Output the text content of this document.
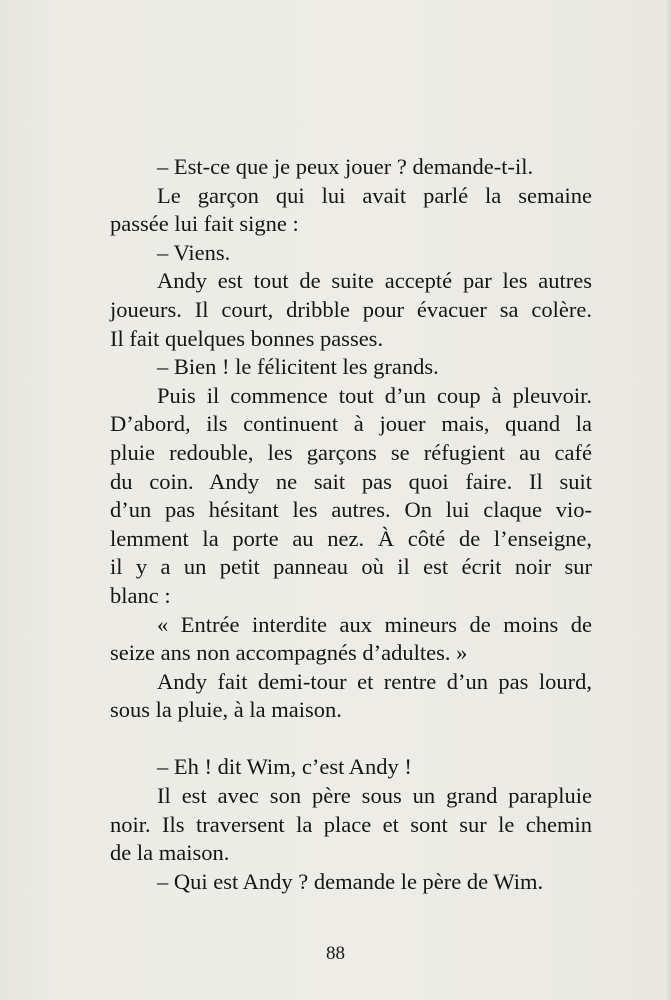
– Est-ce que je peux jouer ? demande-t-il.
Le garçon qui lui avait parlé la semaine
passée lui fait signe :
– Viens.
Andy est tout de suite accepté par les autres
joueurs. Il court, dribble pour évacuer sa colère.
Il fait quelques bonnes passes.
– Bien ! le félicitent les grands.
Puis il commence tout d’un coup à pleuvoir.
D’abord, ils continuent à jouer mais, quand la
pluie redouble, les garçons se réfugient au café
du coin. Andy ne sait pas quoi faire. Il suit
d’un pas hésitant les autres. On lui claque vio-
lemment la porte au nez. À côté de l’enseigne,
il y a un petit panneau où il est écrit noir sur
blanc :
« Entrée interdite aux mineurs de moins de
seize ans non accompagnés d’adultes. »
Andy fait demi-tour et rentre d’un pas lourd,
sous la pluie, à la maison.
– Eh ! dit Wim, c’est Andy !
Il est avec son père sous un grand parapluie
noir. Ils traversent la place et sont sur le chemin
de la maison.
– Qui est Andy ? demande le père de Wim.
88
